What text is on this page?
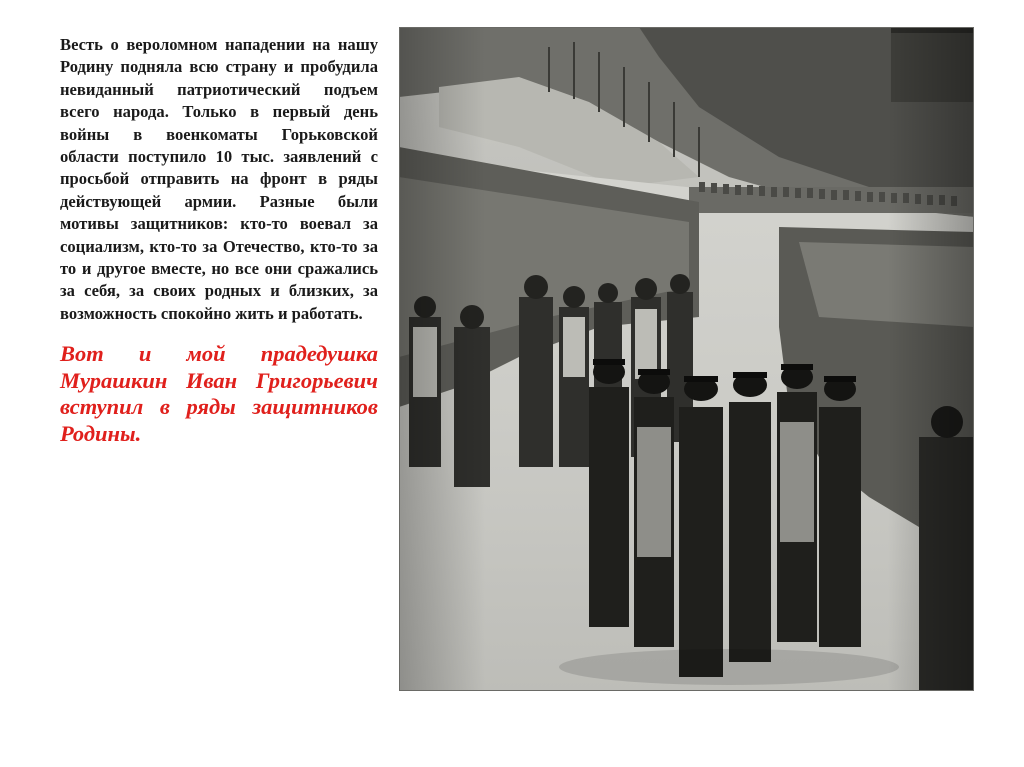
Весть о вероломном нападении на нашу Родину подняла всю страну и пробудила невиданный патриотический подъем всего народа. Только в первый день войны в военкоматы Горьковской области поступило 10 тыс. заявлений с просьбой отправить на фронт в ряды действующей армии. Разные были мотивы защитников: кто-то воевал за социализм, кто-то за Отечество, кто-то за то и другое вместе, но все они сражались за себя, за своих родных и близких, за возможность спокойно жить и работать.

Вот и мой прадедушка Мурашкин Иван Григорьевич вступил в ряды защитников Родины.
